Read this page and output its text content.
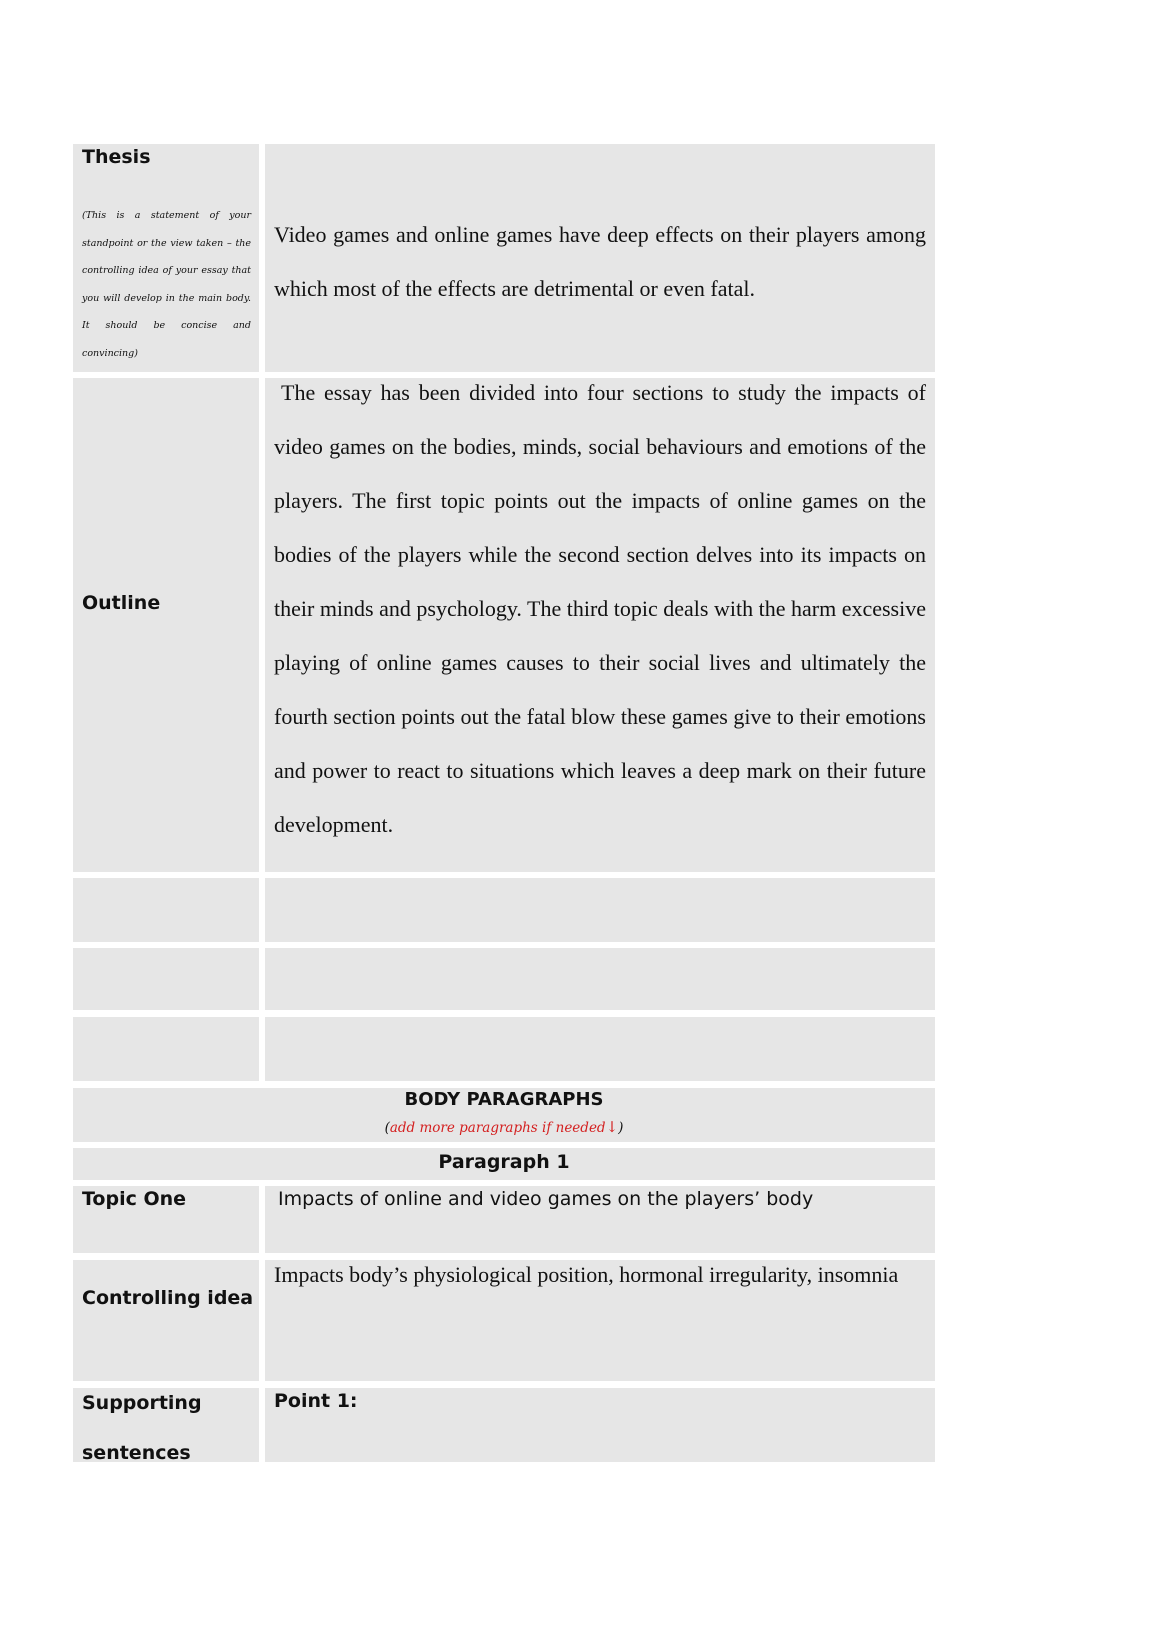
Thesis
(This is a statement of your standpoint or the view taken – the controlling idea of your essay that you will develop in the main body. It should be concise and convincing)
Video games and online games have deep effects on their players among which most of the effects are detrimental or even fatal.
Outline
The essay has been divided into four sections to study the impacts of video games on the bodies, minds, social behaviours and emotions of the players. The first topic points out the impacts of online games on the bodies of the players while the second section delves into its impacts on their minds and psychology. The third topic deals with the harm excessive playing of online games causes to their social lives and ultimately the fourth section points out the fatal blow these games give to their emotions and power to react to situations which leaves a deep mark on their future development.
BODY PARAGRAPHS
(add more paragraphs if needed↓)
Paragraph 1
Topic One	Impacts of online and video games on the players’ body
Controlling idea
Impacts body’s physiological position, hormonal irregularity, insomnia
Supporting sentences
Point 1:
